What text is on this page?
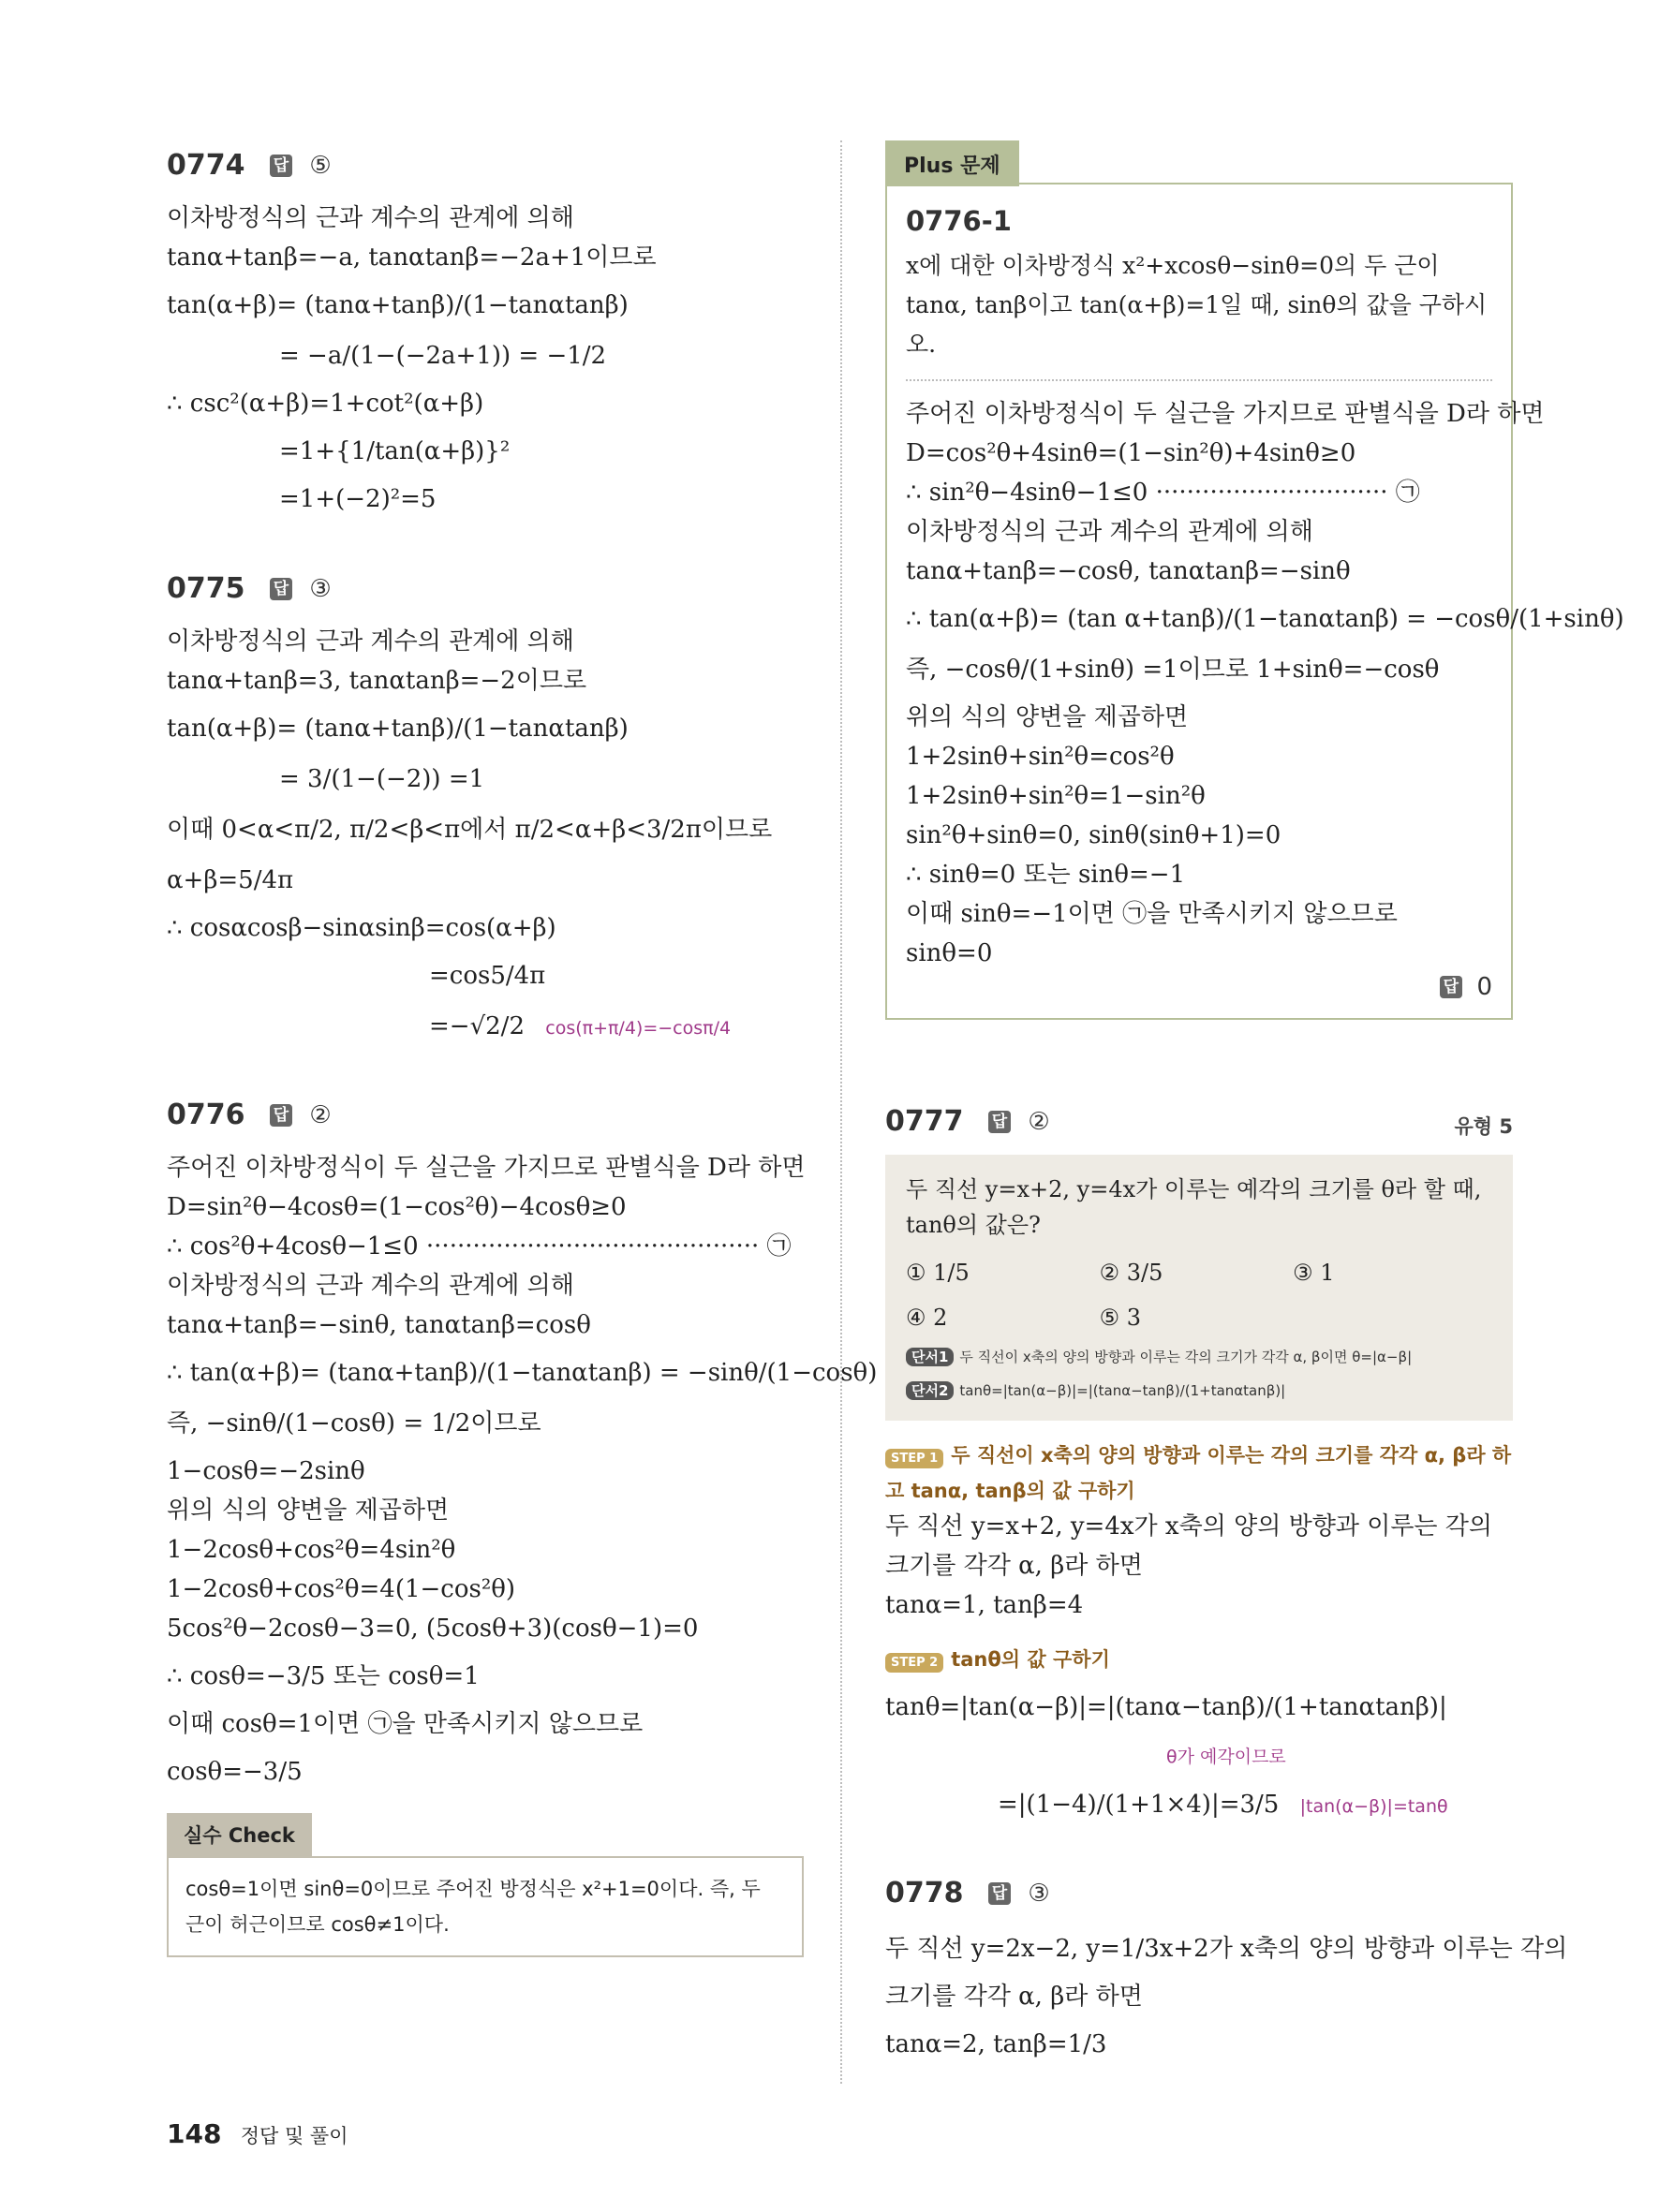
0774 답 ⑤
이차방정식의 근과 계수의 관계에 의해
tanα+tanβ=−a, tanαtanβ=−2a+1이므로
tan(α+β)= (tanα+tanβ)/(1−tanαtanβ)
= −a/(1−(−2a+1)) = −1/2
∴ csc²(α+β)=1+cot²(α+β)
=1+{1/tan(α+β)}²
=1+(−2)²=5
0775 답 ③
이차방정식의 근과 계수의 관계에 의해
tanα+tanβ=3, tanαtanβ=−2이므로
tan(α+β)= (tanα+tanβ)/(1−tanαtanβ)
= 3/(1−(−2)) =1
이때 0<α<π/2, π/2<β<π에서 π/2<α+β<3/2π이므로
α+β=5/4π
∴ cosαcosβ−sinαsinβ=cos(α+β)
=cos5/4π
=−√2/2 cos(π+π/4)=−cosπ/4
0776 답 ②
주어진 이차방정식이 두 실근을 가지므로 판별식을 D라 하면
D=sin²θ−4cosθ=(1−cos²θ)−4cosθ≥0
∴ cos²θ+4cosθ−1≤0 ··········································· ㉠
이차방정식의 근과 계수의 관계에 의해
tanα+tanβ=−sinθ, tanαtanβ=cosθ
∴ tan(α+β)= (tanα+tanβ)/(1−tanαtanβ) = −sinθ/(1−cosθ)
즉, −sinθ/(1−cosθ) = 1/2이므로
1−cosθ=−2sinθ
위의 식의 양변을 제곱하면
1−2cosθ+cos²θ=4sin²θ
1−2cosθ+cos²θ=4(1−cos²θ)
5cos²θ−2cosθ−3=0, (5cosθ+3)(cosθ−1)=0
∴ cosθ=−3/5 또는 cosθ=1
이때 cosθ=1이면 ㉠을 만족시키지 않으므로
cosθ=−3/5
실수 Check
cosθ=1이면 sinθ=0이므로 주어진 방정식은 x²+1=0이다. 즉, 두 근이 허근이므로 cosθ≠1이다.
Plus 문제
0776-1
x에 대한 이차방정식 x²+xcosθ−sinθ=0의 두 근이 tanα, tanβ이고 tan(α+β)=1일 때, sinθ의 값을 구하시오.
주어진 이차방정식이 두 실근을 가지므로 판별식을 D라 하면
D=cos²θ+4sinθ=(1−sin²θ)+4sinθ≥0
∴ sin²θ−4sinθ−1≤0 ······························ ㉠
이차방정식의 근과 계수의 관계에 의해
tanα+tanβ=−cosθ, tanαtanβ=−sinθ
∴ tan(α+β)= (tan α+tanβ)/(1−tanαtanβ) = −cosθ/(1+sinθ)
즉, −cosθ/(1+sinθ) =1이므로 1+sinθ=−cosθ
위의 식의 양변을 제곱하면
1+2sinθ+sin²θ=cos²θ
1+2sinθ+sin²θ=1−sin²θ
sin²θ+sinθ=0, sinθ(sinθ+1)=0
∴ sinθ=0 또는 sinθ=−1
이때 sinθ=−1이면 ㉠을 만족시키지 않으므로
sinθ=0
답 0
0777 답 ②	유형 5
두 직선 y=x+2, y=4x가 이루는 예각의 크기를 θ라 할 때, tanθ의 값은?
① 1/5	② 3/5	③ 1
④ 2	⑤ 3
단서1 두 직선이 x축의 양의 방향과 이루는 각의 크기가 각각 α, β이면 θ=|α−β|
단서2 tanθ=|tan(α−β)|=|(tanα−tanβ)/(1+tanαtanβ)|
STEP 1 두 직선이 x축의 양의 방향과 이루는 각의 크기를 각각 α, β라 하고 tanα, tanβ의 값 구하기
두 직선 y=x+2, y=4x가 x축의 양의 방향과 이루는 각의 크기를 각각 α, β라 하면
tanα=1, tanβ=4
STEP 2 tanθ의 값 구하기
tanθ=|tan(α−β)|=|(tanα−tanβ)/(1+tanαtanβ)|
θ가 예각이므로
=|(1−4)/(1+1×4)|=3/5 |tan(α−β)|=tanθ
0778 답 ③
두 직선 y=2x−2, y=1/3x+2가 x축의 양의 방향과 이루는 각의
크기를 각각 α, β라 하면
tanα=2, tanβ=1/3
148 정답 및 풀이
